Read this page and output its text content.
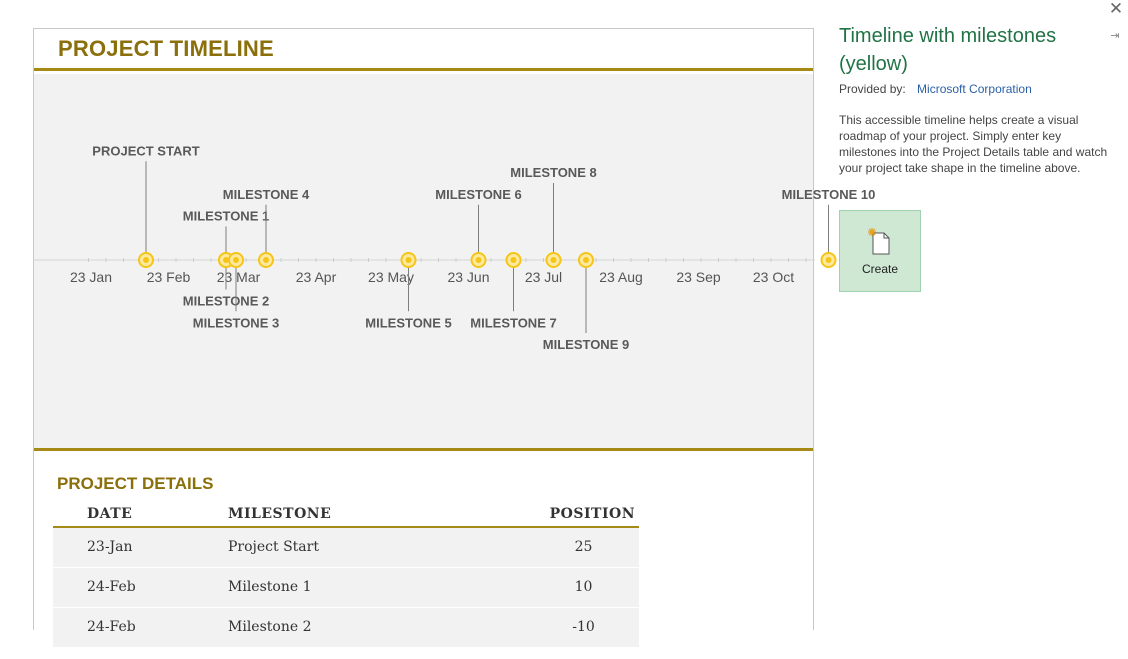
PROJECT TIMELINE
23 Jan 23 Feb 23 Mar	23 Apr 23 May 23 Jun	23 Jul	23 Aug 23 Sep 23 Oct
PROJECT START
MILESTONE 1
MILESTONE 2
MILESTONE 3
MILESTONE 4
MILESTONE 5
MILESTONE 6
MILESTONE 7
MILESTONE 8
MILESTONE 9
MILESTONE 10
PROJECT DETAILS
DATE	MILESTONE	POSITION
23-Jan	Project Start	25
24-Feb	Milestone 1	10
24-Feb	Milestone 2	-10
✕
⇥
Timeline with milestones (yellow)
Provided by: Microsoft Corporation
This accessible timeline helps create a visual roadmap of your project. Simply enter key milestones into the Project Details table and watch your project take shape in the timeline above.
Create
